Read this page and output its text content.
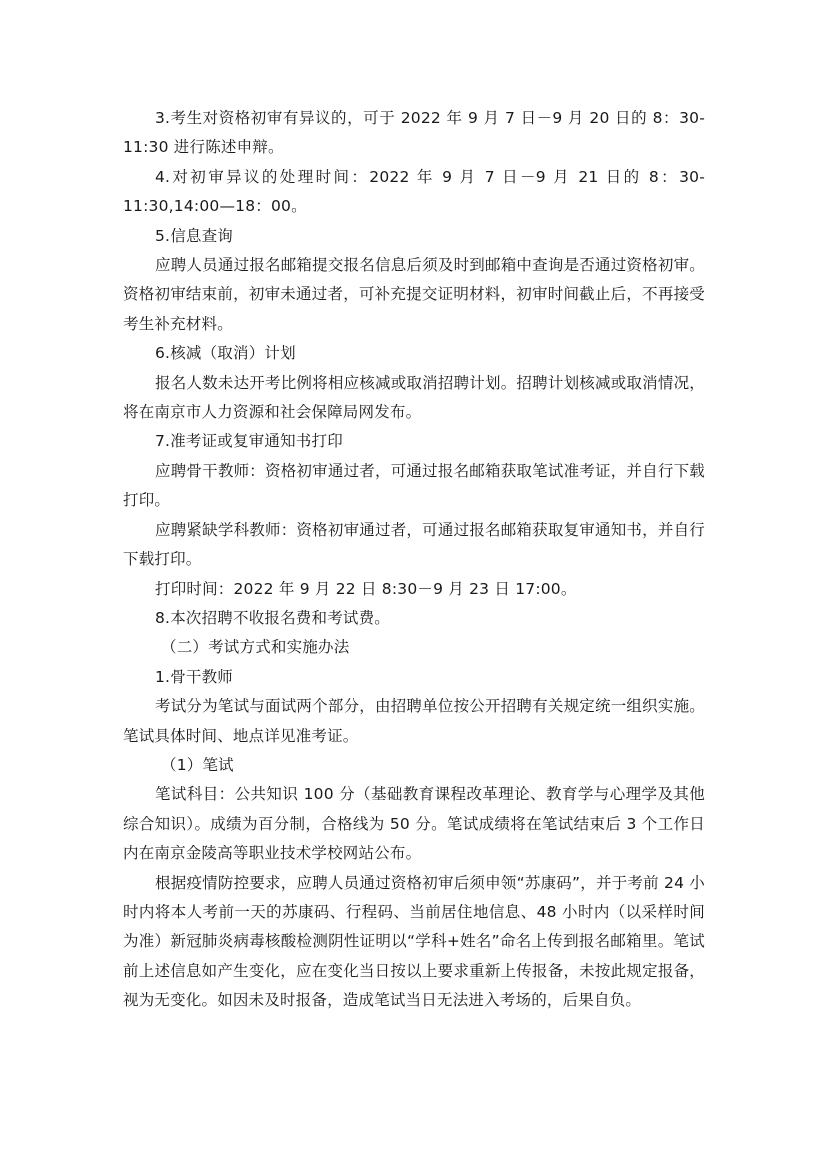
3.考生对资格初审有异议的，可于 2022 年 9 月 7 日－9 月 20 日的 8：30-11:30 进行陈述申辩。

4.对初审异议的处理时间：2022 年 9 月 7 日－9 月 21 日的 8：30-11:30,14:00—18：00。

5.信息查询

应聘人员通过报名邮箱提交报名信息后须及时到邮箱中查询是否通过资格初审。资格初审结束前，初审未通过者，可补充提交证明材料，初审时间截止后，不再接受考生补充材料。

6.核减（取消）计划

报名人数未达开考比例将相应核减或取消招聘计划。招聘计划核减或取消情况，将在南京市人力资源和社会保障局网发布。

7.准考证或复审通知书打印

应聘骨干教师：资格初审通过者，可通过报名邮箱获取笔试准考证，并自行下载打印。

应聘紧缺学科教师：资格初审通过者，可通过报名邮箱获取复审通知书，并自行下载打印。

打印时间：2022 年 9 月 22 日 8:30－9 月 23 日 17:00。

8.本次招聘不收报名费和考试费。

（二）考试方式和实施办法

1.骨干教师

考试分为笔试与面试两个部分，由招聘单位按公开招聘有关规定统一组织实施。笔试具体时间、地点详见准考证。

（1）笔试

笔试科目：公共知识 100 分（基础教育课程改革理论、教育学与心理学及其他综合知识）。成绩为百分制，合格线为 50 分。笔试成绩将在笔试结束后 3 个工作日内在南京金陵高等职业技术学校网站公布。

根据疫情防控要求，应聘人员通过资格初审后须申领“苏康码”，并于考前 24 小时内将本人考前一天的苏康码、行程码、当前居住地信息、48 小时内（以采样时间为准）新冠肺炎病毒核酸检测阴性证明以“学科+姓名”命名上传到报名邮箱里。笔试前上述信息如产生变化，应在变化当日按以上要求重新上传报备，未按此规定报备，视为无变化。如因未及时报备，造成笔试当日无法进入考场的，后果自负。
